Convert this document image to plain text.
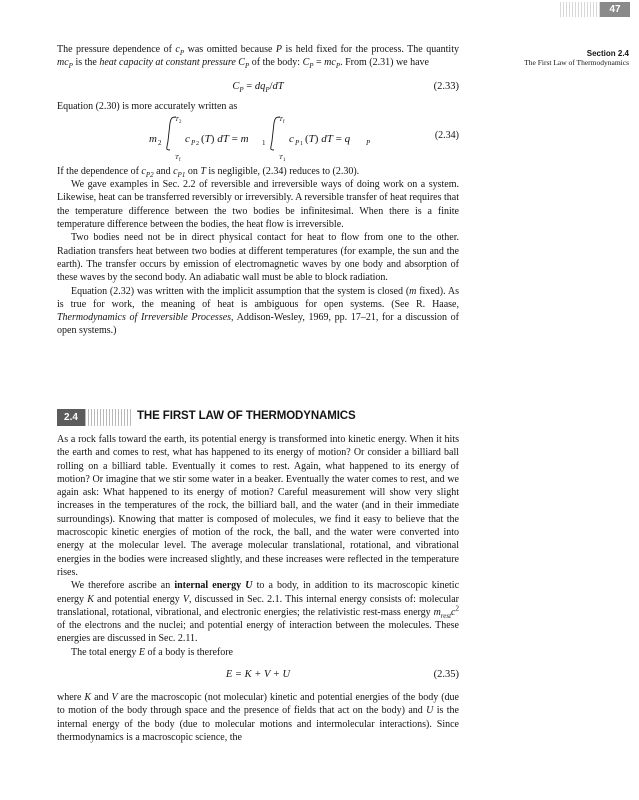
47
Section 2.4
The First Law of Thermodynamics

The pressure dependence of $c_P$ was omitted because P is held fixed for the process. The quantity $mc_P$ is the heat capacity at constant pressure $C_P$ of the body: $C_P = mc_P$. From (2.31) we have

$C_P = dq_P/dT$	(2.33)

Equation (2.30) is more accurately written as

m 2
T 2
T f
c P 2 (T) dT = m 1
T f
T 1
c P 1 (T) dT = q P
(2.34)

If the dependence of $c_{P2}$ and $c_{P1}$ on T is negligible, (2.34) reduces to (2.30).

We gave examples in Sec. 2.2 of reversible and irreversible ways of doing work on a system. Likewise, heat can be transferred reversibly or irreversibly. A reversible transfer of heat requires that the temperature difference between the two bodies be infinitesimal. When there is a finite temperature difference between the bodies, the heat flow is irreversible.

Two bodies need not be in direct physical contact for heat to flow from one to the other. Radiation transfers heat between two bodies at different temperatures (for example, the sun and the earth). The transfer occurs by emission of electromagnetic waves by one body and absorption of these waves by the second body. An adiabatic wall must be able to block radiation.

Equation (2.32) was written with the implicit assumption that the system is closed (m fixed). As is true for work, the meaning of heat is ambiguous for open systems. (See R. Haase, Thermodynamics of Irreversible Processes, Addison-Wesley, 1969, pp. 17–21, for a discussion of open systems.)

2.4	THE FIRST LAW OF THERMODYNAMICS

As a rock falls toward the earth, its potential energy is transformed into kinetic energy. When it hits the earth and comes to rest, what has happened to its energy of motion? Or consider a billiard ball rolling on a billiard table. Eventually it comes to rest. Again, what happened to its energy of motion? Or imagine that we stir some water in a beaker. Eventually the water comes to rest, and we again ask: What happened to its energy of motion? Careful measurement will show very slight increases in the temperatures of the rock, the billiard ball, and the water (and in their immediate surroundings). Knowing that matter is composed of molecules, we find it easy to believe that the macroscopic kinetic energies of motion of the rock, the ball, and the water were converted into energy at the molecular level. The average molecular translational, rotational, and vibrational energies in the bodies were increased slightly, and these increases were reflected in the temperature rises.

We therefore ascribe an internal energy U to a body, in addition to its macroscopic kinetic energy K and potential energy V, discussed in Sec. 2.1. This internal energy consists of: molecular translational, rotational, vibrational, and electronic energies; the relativistic rest-mass energy $m_{rest}c^2$ of the electrons and the nuclei; and potential energy of interaction between the molecules. These energies are discussed in Sec. 2.11.

The total energy E of a body is therefore

E = K + V + U	(2.35)

where K and V are the macroscopic (not molecular) kinetic and potential energies of the body (due to motion of the body through space and the presence of fields that act on the body) and U is the internal energy of the body (due to molecular motions and intermolecular interactions). Since thermodynamics is a macroscopic science, the
